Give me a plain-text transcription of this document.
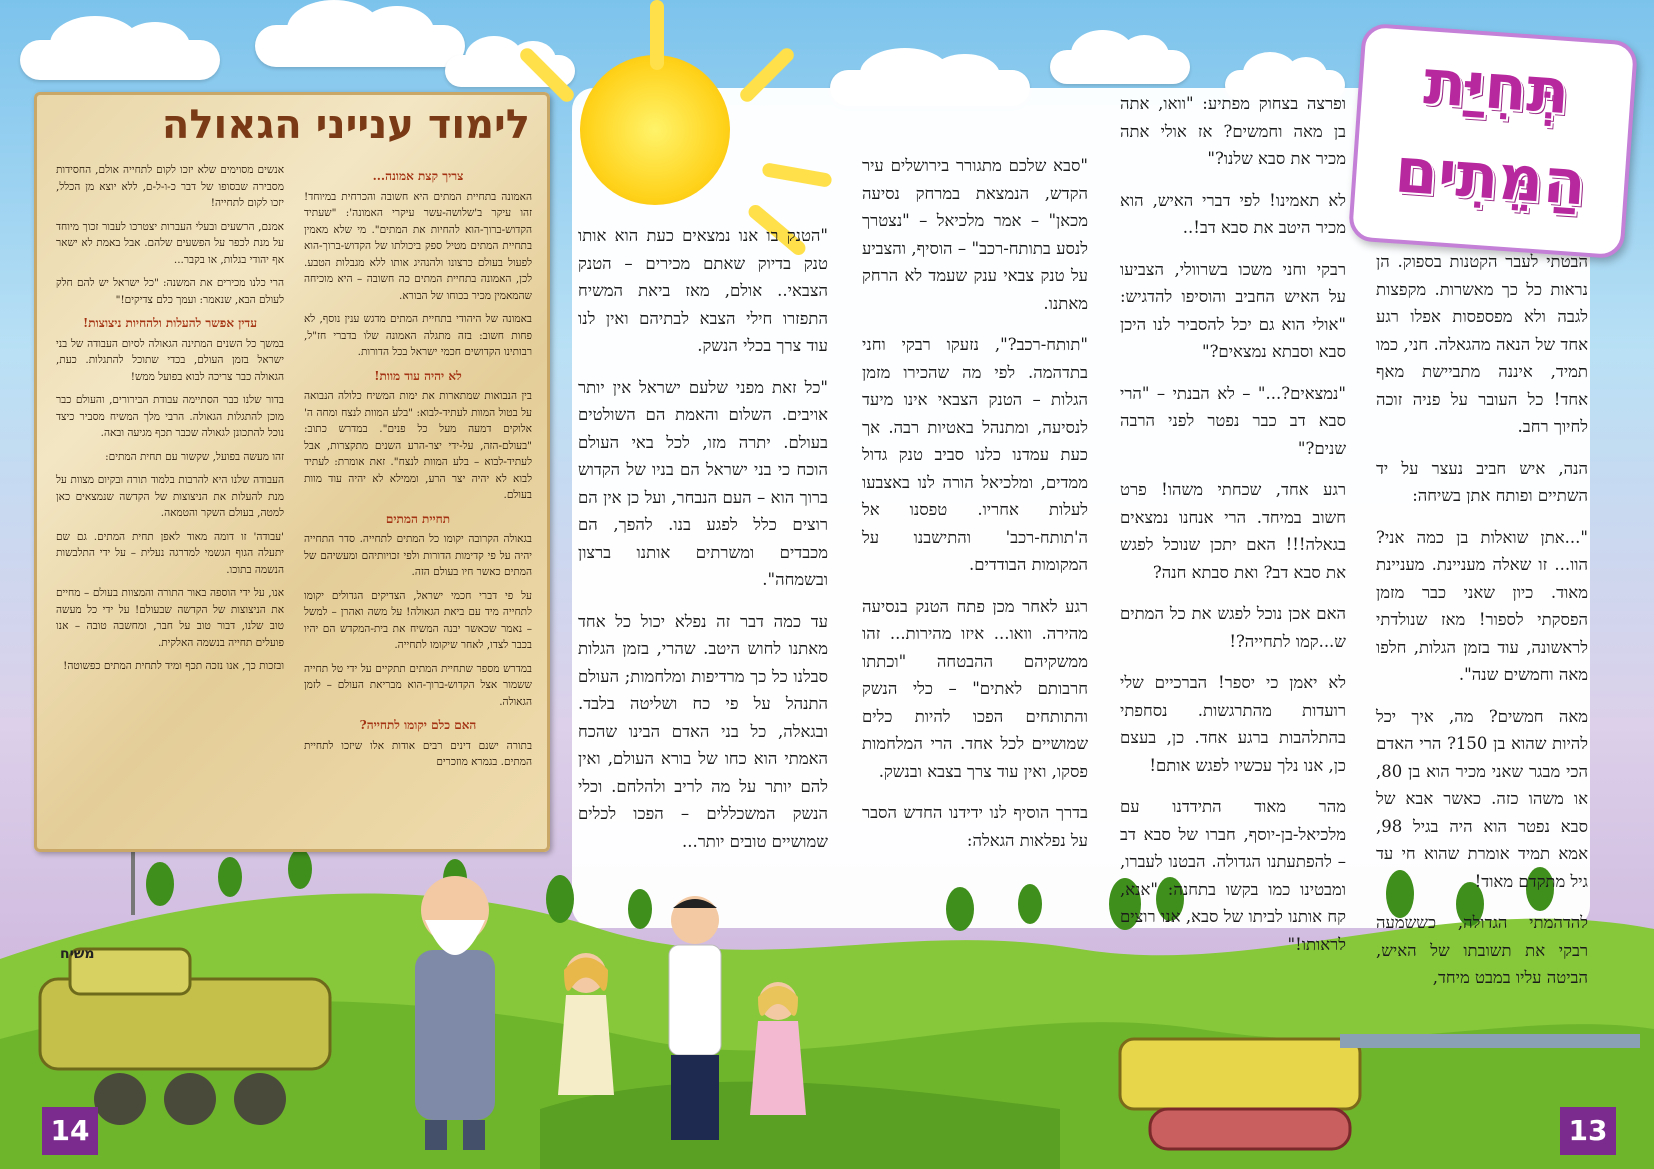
משיח
לימוד ענייני הגאולה
צריך קצת אמונה...

האמונה בתחיית המתים היא חשובה והכרחית במיוחד! זהו עיקר ב'שלושה-עשר עיקרי האמונה': "שעתיד הקדוש-ברוך-הוא להחיות את המתים". מי שלא מאמין בתחיית המתים מטיל ספק ביכולתו של הקדוש-ברוך-הוא לפעול בעולם כרצונו ולהנהיג אותו ללא מגבלות הטבע. לכן, האמונה בתחיית המתים כה חשובה – היא מוכיחה שהמאמין מכיר בכוחו של הבורא.

באמונה של היהודי בתחיית המתים מדגש ענין נוסף, לא פחות חשוב: בזה מתגלה האמונה שלו בדברי חז"ל, רבותינו הקדושים חכמי ישראל בכל הדורות.

לא יהיה עוד מוות!

בין הנבואות שמתארות את ימות המשיח כלולה הנבואה על בטול המוות לעתיד-לבוא: "בלע המוות לנצח ומחה ה' אלוקים דמעה מעל כל פנים". במדרש כתוב: "בעולם-הזה, על-ידי יצר-הרע השנים מתקצרות, אבל לעתיד-לבוא – בלע המוות לנצח". זאת אומרת: לעתיד לבוא לא יהיה יצר הרע, וממילא לא יהיה עוד מוות בעולם.

תחיית המתים

בגאולה הקרובה יקומו כל המתים לתחייה. סדר התחייה יהיה על פי קדימות הדורות ולפי זכויותיהם ומעשיהם של המתים כאשר חיו בעולם הזה.

על פי דברי חכמי ישראל, הצדיקים הגדולים יקומו לתחייה מיד עם ביאת הגאולה! על משה ואהרן – למשל – נאמר שכאשר יבנה המשיח את בית-המקדש הם יהיו בכבר לצדו, לאחר שיקומו לתחייה.

במדרש מספר שתחיית המתים תתקיים על ידי טל תחייה ששמור אצל הקדוש-ברוך-הוא מבריאת העולם – לזמן הגאולה.

האם כלם יקומו לתחייה?

בתורה ישנם דינים רבים אודות אלו שיזכו לתחיית המתים. בגמרא מוזכרים

אנשים מסוימים שלא יזכו לקום לתחייה אולם, החסידות מסבירה שבסופו של דבר כ-ו-ל-ם, ללא יוצא מן הכלל, יזכו לקום לתחייה!

אמנם, הרשעים ובעלי העברות יצטרכו לעבור זכוך מיוחד על מנת לכפר על הפשעים שלהם. אבל באמת לא ישאר אף יהודי בגלות, או בקבר...

הרי כלנו מכירים את המשנה: "כל ישראל יש להם חלק לעולם הבא, שנאמר: ועמך כלם צדיקים!"

עדין אפשר להעלות ולהחיות ניצוצות!

במשך כל השנים המתינה הגאולה לסיום העבודה של בני ישראל בזמן העולם, בכדי שתוכל להתגלות. כעת, הגאולה כבר צריכה לבוא בפועל ממש!

בדור שלנו כבר הסתיימה עבודת הבירורים, והעולם כבר מוכן להתגלות הגאולה. הרבי מלך המשיח מסביר כיצד נוכל להתכונן לגאולה שכבר תכף מגיעה ובאה.

זהו מעשה בפועל, שקשור עם תחית המתים:

העבודה שלנו היא להרבות בלמוד תורה ובקיום מצוות על מנת להעלות את הניצוצות של הקדשה שנמצאים כאן למטה, בעולם השקר והטמאה.

'עבודה' זו דומה מאוד לאפן תחית המתים. גם שם יתעלה הגוף הגשמי למדרגה נעלית – על ידי התלבשות הנשמה בתוכו.

אנו, על ידי הוספה באור התורה והמצוות בעולם – מחיים את הניצוצות של הקדשה שבעולם! על ידי כל מעשה טוב שלנו, דבור טוב על חבר, ומחשבה טובה – אנו פועלים תחייה בנשמה האלקית.

ובזכות כך, אנו נזכה תכף ומיד לתחית המתים כפשוטה!

תְּחִיַּת
הַמֵּתִים

הבטתי לעבר הקטנות בספוק. הן נראות כל כך מאשרות. מקפצות לגבה ולא מפספסות אפלו רגע אחד של הנאה מהגאלה. חני, כמו תמיד, איננה מתביישת מאף אחד! כל העובר על פניה זוכה לחיוך רחב.

הנה, איש חביב נעצר על יד השתיים ופותח אתן בשיחה:

"...אתן שואלות בן כמה אני? הוו... זו שאלה מעניינת. מעניינת מאוד. כיון שאני כבר מזמן הפסקתי לספור! מאז שנולדתי לראשונה, עוד בזמן הגלות, חלפו מאה וחמשים שנה".

מאה חמשים? מה, איך יכל להיות שהוא בן 150? הרי האדם הכי מבגר שאני מכיר הוא בן 80, או משהו כזה. כאשר אבא של סבא נפטר הוא היה בגיל 98, אמא תמיד אומרת שהוא חי עד גיל מתקדם מאוד!

להדהמתי הגדולה, כששמעה רבקי את תשובתו של האיש, הביטה עליו במבט מיחד,

ופרצה בצחוק מפתיע: "וואו, אתה בן מאה וחמשים? אז אולי אתה מכיר את סבא שלנו?"

לא תאמינו! לפי דברי האיש, הוא מכיר היטב את סבא דב!..

רבקי וחני משכו בשרוולי, הצביעו על האיש החביב והוסיפו להדגיש: "אולי הוא גם יכל להסביר לנו היכן סבא וסבתא נמצאים?"

"נמצאים?..." – לא הבנתי – "הרי סבא דב כבר נפטר לפני הרבה שנים?"

רגע אחד, שכחתי משהו! פרט חשוב במיחד. הרי אנחנו נמצאים בגאלה!!! האם יתכן שנוכל לפגש את סבא דב? ואת סבתא חנה?

האם אכן נוכל לפגש את כל המתים ש...קמו לתחייה?!

לא יאמן כי יספר! הברכיים שלי רועדות מהתרגשות. נסחפתי בהתלהבות ברגע אחד. כן, בעצם כן, אנו נלך עכשיו לפגש אותם!

מהר מאוד התידדנו עם מלכיאל-בן-יוסף, חברו של סבא דב – להפתעתנו הגדולה. הבטנו לעברו, ומבטינו כמו בקשו בתחנה: "אנא, קח אותנו לביתו של סבא, אנו רוצים לראותו!"

"סבא שלכם מתגורר בירושלים עיר הקדש, הנמצאת במרחק נסיעה מכאן" – אמר מלכיאל – "נצטרך לנסע בתותח-רכב" – הוסיף, והצביע על טנק צבאי ענק שעמד לא הרחק מאתנו.

"תותח-רכב?", נזעקו רבקי וחני בתדהמה. לפי מה שהכירו מזמן הגלות – הטנק הצבאי אינו מיעד לנסיעה, ומתנהל באטיות רבה. אך כעת עמדנו כלנו סביב טנק גדול ממדים, ומלכיאל הורה לנו באצבעו לעלות אחריו. טפסנו אל ה'תותח-רכב' והתישבנו על המקומות הבודדים.

רגע לאחר מכן פתח הטנק בנסיעה מהירה. וואו... איזו מהירות... זהו ממשקיהם ההבטחה "וכתתו חרבותם לאתים" – כלי הנשק והתותחים הפכו להיות כלים שמושיים לכל אחד. הרי המלחמות פסקו, ואין עוד צרך בצבא ובנשק.

בדרך הוסיף לנו ידידנו החדש הסבר על נפלאות הגאלה:

"הטנק בו אנו נמצאים כעת הוא אותו טנק בדיוק שאתם מכירים – הטנק הצבאי.. אולם, מאז ביאת המשיח התפזרו חילי הצבא לבתיהם ואין לנו עוד צרך בכלי הנשק.

"כל זאת מפני שלעם ישראל אין יותר אויבים. השלום והאמת הם השולטים בעולם. יתרה מזו, לכל באי העולם הוכח כי בני ישראל הם בניו של הקדוש ברוך הוא – העם הנבחר, ועל כן אין הם רוצים כלל לפגע בנו. להפך, הם מכבדים ומשרתים אותנו ברצון ובשמחה".

עד כמה דבר זה נפלא יכול כל אחד מאתנו לחוש היטב. שהרי, בזמן הגלות סבלנו כל כך מרדיפות ומלחמות; העולם התנהל על פי כח ושליטה בלבד. ובגאלה, כל בני האדם הבינו שהכח האמתי הוא כחו של בורא העולם, ואין להם יותר על מה לריב ולהלחם. וכלי הנשק המשכללים – הפכו לכלים שמושיים טובים יותר...

14	13
